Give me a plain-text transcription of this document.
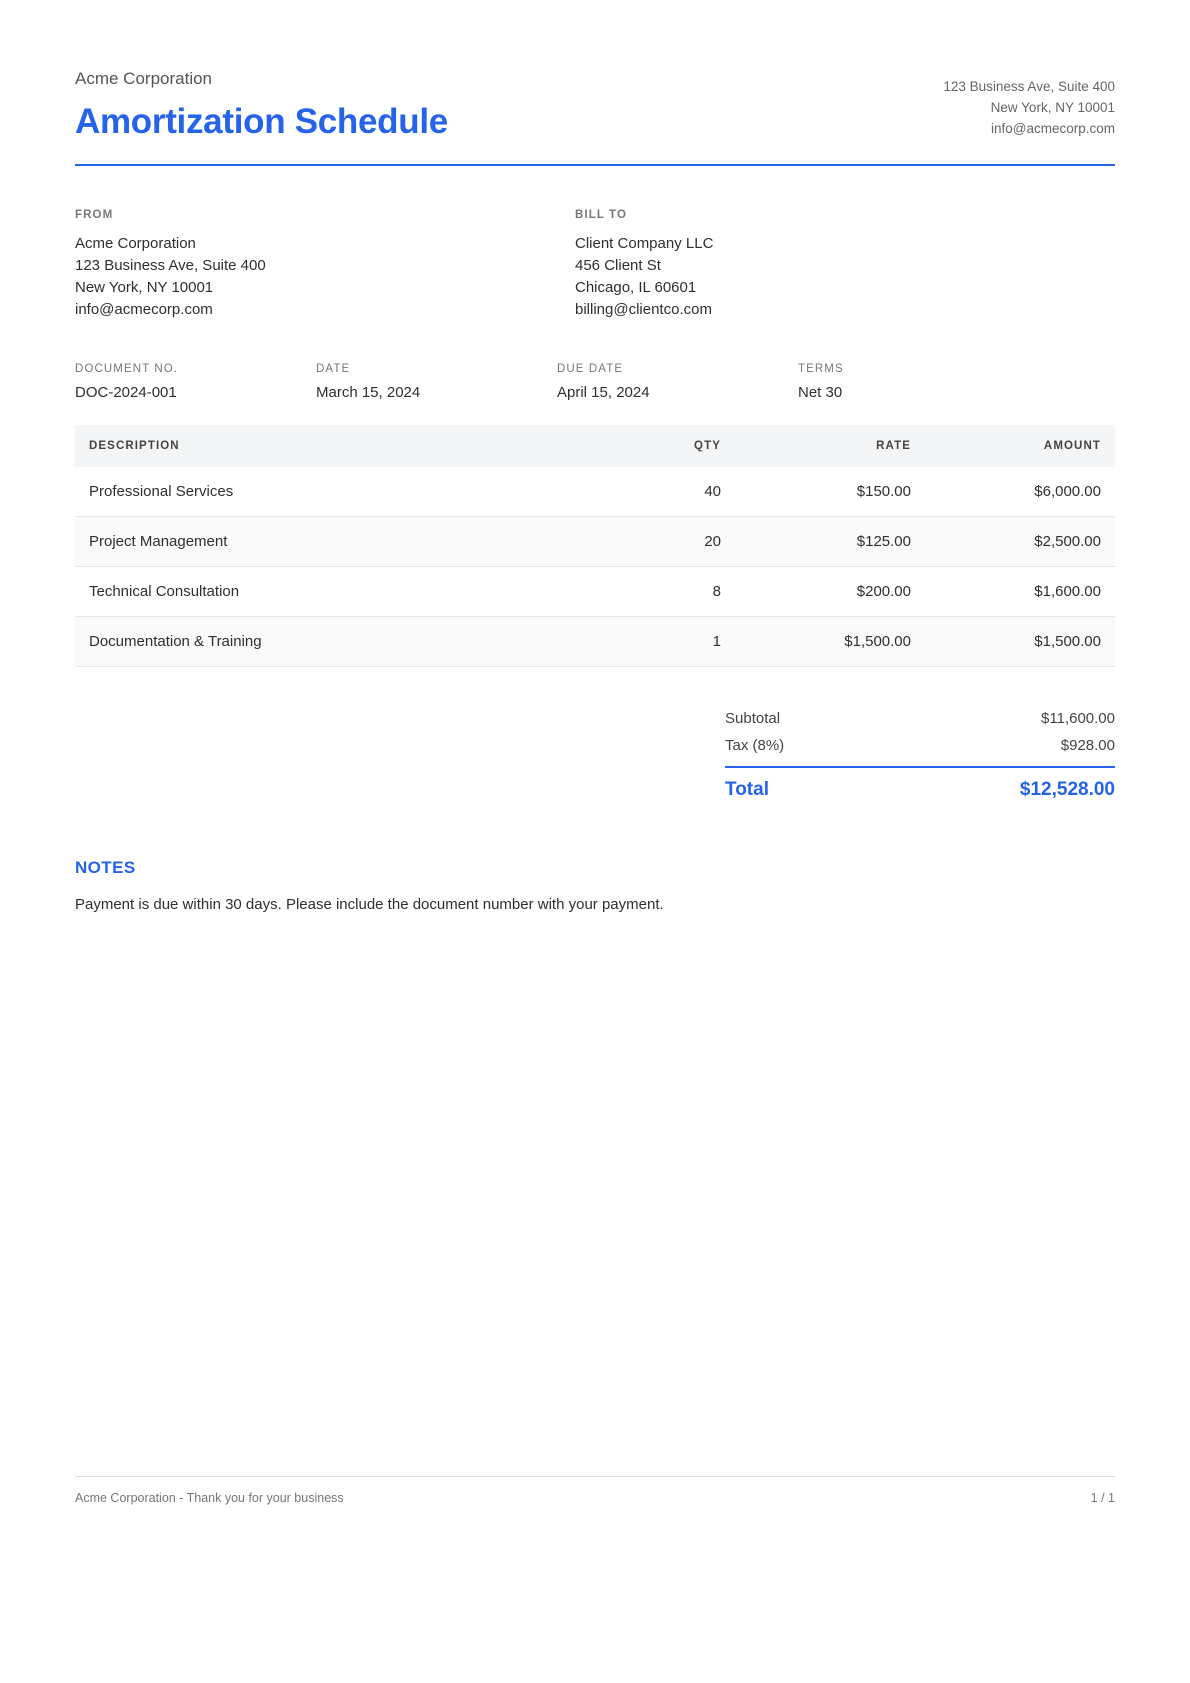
Acme Corporation
Amortization Schedule
123 Business Ave, Suite 400
New York, NY 10001
info@acmecorp.com
FROM
Acme Corporation
123 Business Ave, Suite 400
New York, NY 10001
info@acmecorp.com
BILL TO
Client Company LLC
456 Client St
Chicago, IL 60601
billing@clientco.com
DOCUMENT NO.
DOC-2024-001
DATE
March 15, 2024
DUE DATE
April 15, 2024
TERMS
Net 30
DESCRIPTION	QTY	RATE	AMOUNT
Professional Services	40	$150.00	$6,000.00
Project Management	20	$125.00	$2,500.00
Technical Consultation	8	$200.00	$1,600.00
Documentation & Training	1	$1,500.00	$1,500.00
Subtotal	$11,600.00
Tax (8%)	$928.00
Total	$12,528.00
NOTES
Payment is due within 30 days. Please include the document number with your payment.
Acme Corporation - Thank you for your business	1 / 1
